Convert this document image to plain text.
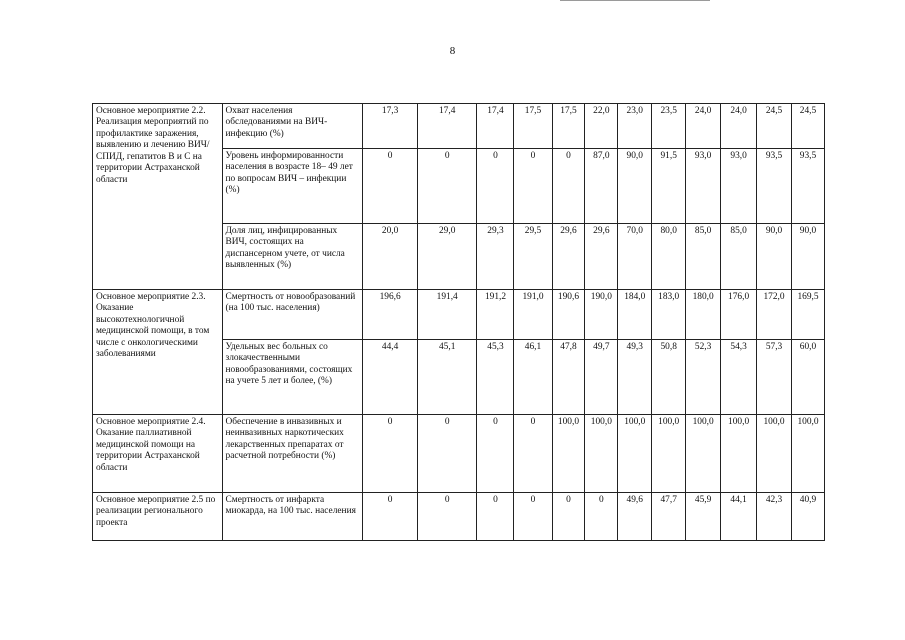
8
Основное мероприятие 2.2. Реализация мероприятий по профилактике заражения, выявлению и лечению ВИЧ/СПИД, гепатитов В и С на территории Астраханской области	Охват населения обследованиями на ВИЧ-инфекцию (%)	17,3	17,4	17,4	17,5	17,5	22,0	23,0	23,5	24,0	24,0	24,5	24,5
	Уровень информированности населения в возрасте 18– 49 лет по вопросам ВИЧ – инфекции (%)	0	0	0	0	0	87,0	90,0	91,5	93,0	93,0	93,5	93,5
	Доля лиц, инфицированных ВИЧ, состоящих на диспансерном учете, от числа выявленных (%)	20,0	29,0	29,3	29,5	29,6	29,6	70,0	80,0	85,0	85,0	90,0	90,0
Основное мероприятие 2.3. Оказание высокотехнологичной медицинской помощи, в том числе с онкологическими заболеваниями	Смертность от новообразований (на 100 тыс. населения)	196,6	191,4	191,2	191,0	190,6	190,0	184,0	183,0	180,0	176,0	172,0	169,5
	Удельных вес больных со злокачественными новообразованиями, состоящих на учете 5 лет и более, (%)	44,4	45,1	45,3	46,1	47,8	49,7	49,3	50,8	52,3	54,3	57,3	60,0
Основное мероприятие 2.4. Оказание паллиативной медицинской помощи на территории Астраханской области	Обеспечение в инвазивных и неинвазивных наркотических лекарственных препаратах от расчетной потребности (%)	0	0	0	0	100,0	100,0	100,0	100,0	100,0	100,0	100,0	100,0
Основное мероприятие 2.5 по реализации регионального проекта	Смертность от инфаркта миокарда, на 100 тыс. населения	0	0	0	0	0	0	49,6	47,7	45,9	44,1	42,3	40,9
